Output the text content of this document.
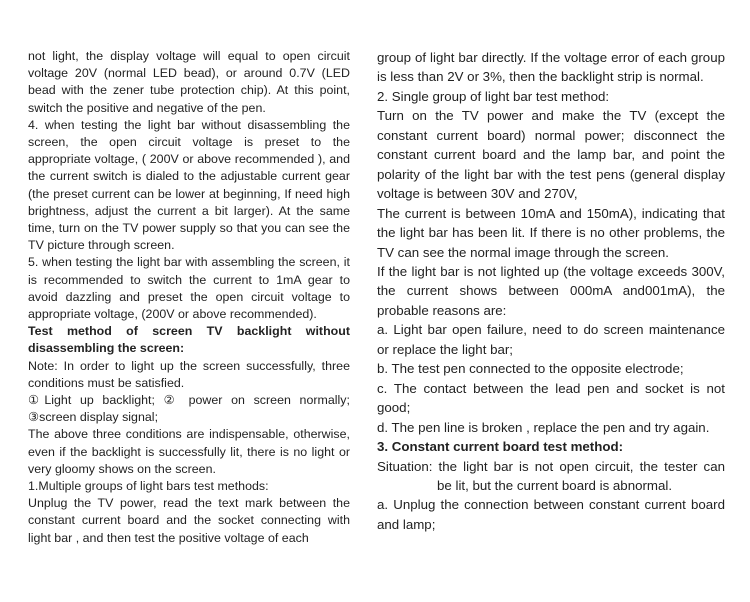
not light, the display voltage will equal to open circuit voltage 20V (normal LED bead), or around 0.7V (LED bead with the zener tube protection chip). At this point, switch the positive and negative of the pen.

4. when testing the light bar without disassembling the screen, the open circuit voltage is preset to the appropriate voltage, ( 200V or above recommended ), and the current switch is dialed to the adjustable current gear (the preset current can be lower at beginning, If need high brightness, adjust the current a bit larger). At the same time, turn on the TV power supply so that you can see the TV picture through screen.

5. when testing the light bar with assembling the screen, it is recommended to switch the current to 1mA gear to avoid dazzling and preset the open circuit voltage to appropriate voltage, (200V or above recommended).

Test method of screen TV backlight without

disassembling the screen:

Note: In order to light up the screen successfully, three conditions must be satisfied.

①Light up backlight; ② power on screen normally; ③screen display signal;

The above three conditions are indispensable, otherwise, even if the backlight is successfully lit, there is no light or very gloomy shows on the screen.

1.Multiple groups of light bars test methods:

Unplug the TV power, read the text mark between the constant current board and the socket connecting with light bar , and then test the positive voltage of each

group of light bar directly. If the voltage error of each group is less than 2V or 3%, then the backlight strip is normal.

2. Single group of light bar test method:

Turn on the TV power and make the TV (except the constant current board) normal power; disconnect the constant current board and the lamp bar, and point the polarity of the light bar with the test pens (general display voltage is between 30V and 270V,

The current is between 10mA and 150mA), indicating that the light bar has been lit. If there is no other problems, the TV can see the normal image through the screen.

If the light bar is not lighted up (the voltage exceeds 300V, the current shows between 000mA and001mA), the probable reasons are:

a. Light bar open failure, need to do screen maintenance or replace the light bar;

b. The test pen connected to the opposite electrode;

c. The contact between the lead pen and socket is not good;

d. The pen line is broken , replace the pen and try again.

3. Constant current board test method:

Situation: the light bar is not open circuit, the tester can

be lit, but the current board is abnormal.

a. Unplug the connection between constant current board and lamp;
